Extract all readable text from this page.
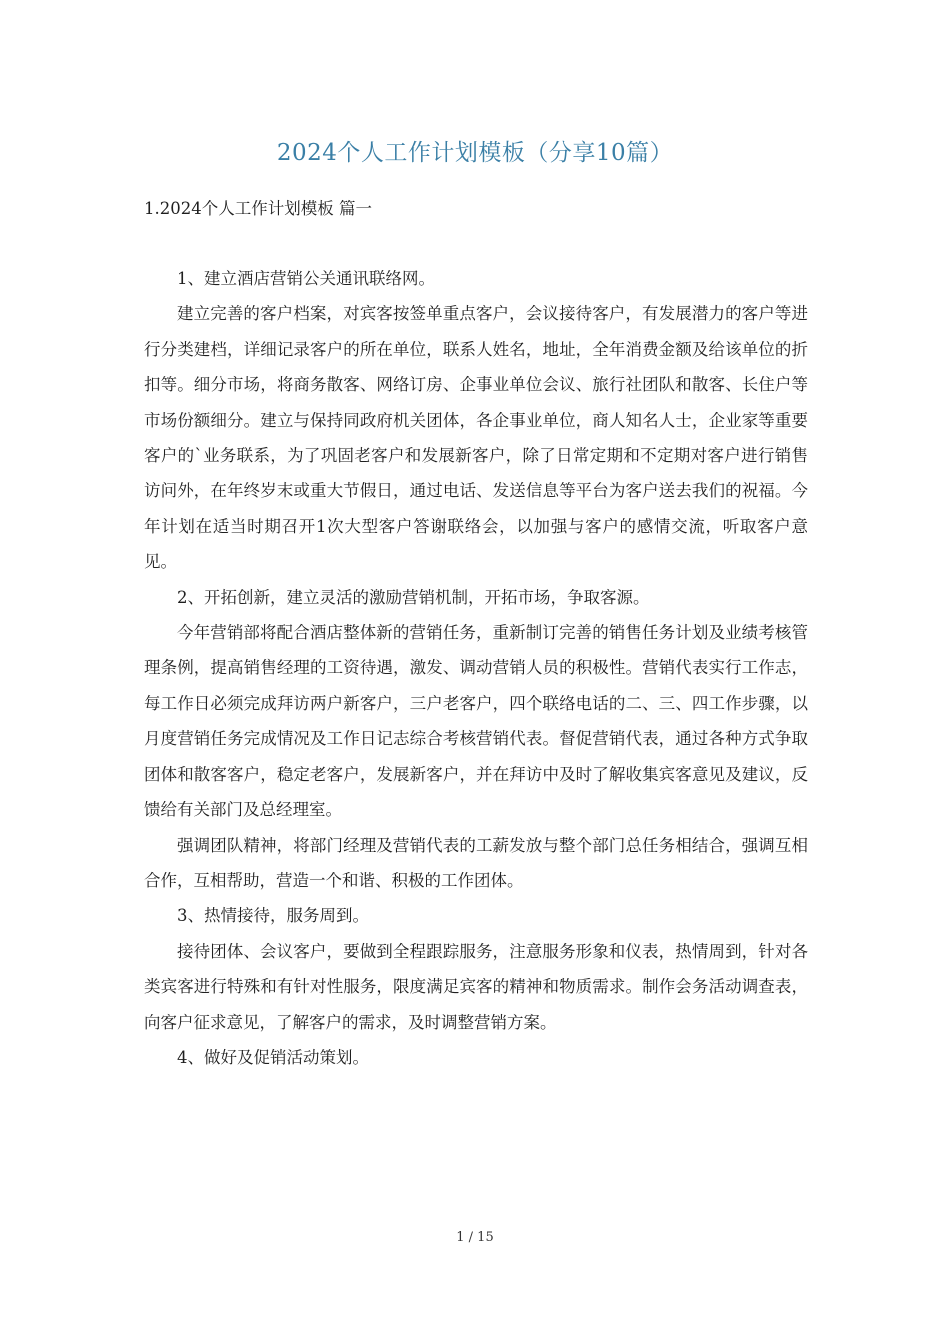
2024个人工作计划模板（分享10篇）
1.2024个人工作计划模板 篇一

1、建立酒店营销公关通讯联络网。

建立完善的客户档案，对宾客按签单重点客户，会议接待客户，有发展潜力的客户等进行分类建档，详细记录客户的所在单位，联系人姓名，地址，全年消费金额及给该单位的折扣等。细分市场，将商务散客、网络订房、企事业单位会议、旅行社团队和散客、长住户等市场份额细分。建立与保持同政府机关团体，各企事业单位，商人知名人士，企业家等重要客户的`业务联系，为了巩固老客户和发展新客户，除了日常定期和不定期对客户进行销售访问外，在年终岁末或重大节假日，通过电话、发送信息等平台为客户送去我们的祝福。今年计划在适当时期召开1次大型客户答谢联络会，以加强与客户的感情交流，听取客户意见。

2、开拓创新，建立灵活的激励营销机制，开拓市场，争取客源。

今年营销部将配合酒店整体新的营销任务，重新制订完善的销售任务计划及业绩考核管理条例，提高销售经理的工资待遇，激发、调动营销人员的积极性。营销代表实行工作志，每工作日必须完成拜访两户新客户，三户老客户，四个联络电话的二、三、四工作步骤，以月度营销任务完成情况及工作日记志综合考核营销代表。督促营销代表，通过各种方式争取团体和散客客户，稳定老客户，发展新客户，并在拜访中及时了解收集宾客意见及建议，反馈给有关部门及总经理室。

强调团队精神，将部门经理及营销代表的工薪发放与整个部门总任务相结合，强调互相合作，互相帮助，营造一个和谐、积极的工作团体。

3、热情接待，服务周到。

接待团体、会议客户，要做到全程跟踪服务，注意服务形象和仪表，热情周到，针对各类宾客进行特殊和有针对性服务，限度满足宾客的精神和物质需求。制作会务活动调查表，向客户征求意见，了解客户的需求，及时调整营销方案。

4、做好及促销活动策划。

1 / 15
